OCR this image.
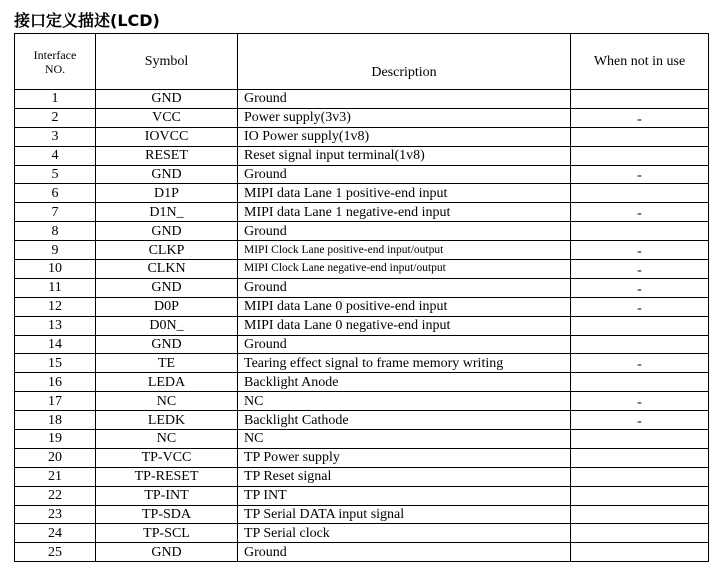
接口定义描述(LCD)
Interface
NO.	Symbol	Description	When not in use
1	GND	Ground	
2	VCC	Power supply(3v3)	-
3	IOVCC	IO Power supply(1v8)	
4	RESET	Reset signal input terminal(1v8)	
5	GND	Ground	-
6	D1P	MIPI data Lane 1 positive-end input	
7	D1N_	MIPI data Lane 1 negative-end input	-
8	GND	Ground	
9	CLKP	MIPI Clock Lane positive-end input/output	-
10	CLKN	MIPI Clock Lane negative-end input/output	-
11	GND	Ground	-
12	D0P	MIPI data Lane 0 positive-end input	-
13	D0N_	MIPI data Lane 0 negative-end input	
14	GND	Ground	
15	TE	Tearing effect signal to frame memory writing	-
16	LEDA	Backlight Anode	
17	NC	NC	-
18	LEDK	Backlight Cathode	-
19	NC	NC	
20	TP-VCC	TP Power supply	
21	TP-RESET	TP Reset signal	
22	TP-INT	TP INT	
23	TP-SDA	TP Serial DATA input signal	
24	TP-SCL	TP Serial clock	
25	GND	Ground	
